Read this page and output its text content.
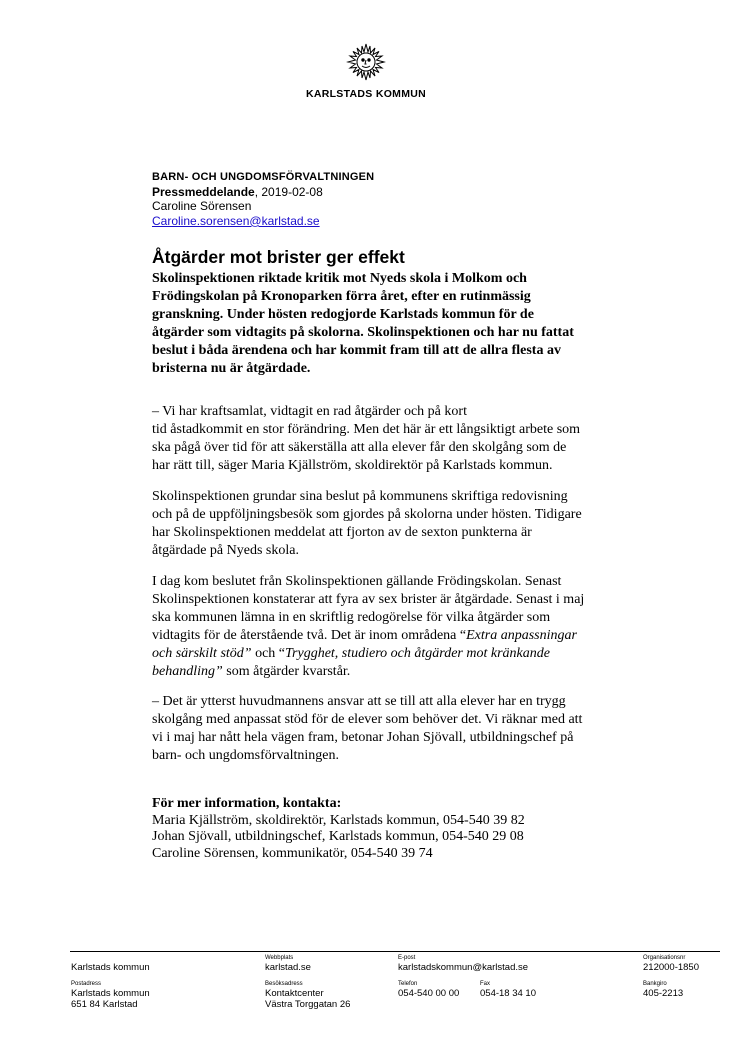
KARLSTADS KOMMUN
BARN- OCH UNGDOMSFÖRVALTNINGEN
Pressmeddelande, 2019-02-08
Caroline Sörensen
Caroline.sorensen@karlstad.se
Åtgärder mot brister ger effekt

Skolinspektionen riktade kritik mot Nyeds skola i Molkom och
Frödingskolan på Kronoparken förra året, efter en rutinmässig
granskning. Under hösten redogjorde Karlstads kommun för de
åtgärder som vidtagits på skolorna. Skolinspektionen och har nu fattat
beslut i båda ärendena och har kommit fram till att de allra flesta av
bristerna nu är åtgärdade.

– Vi har kraftsamlat, vidtagit en rad åtgärder och på kort
tid åstadkommit en stor förändring. Men det här är ett långsiktigt arbete som
ska pågå över tid för att säkerställa att alla elever får den skolgång som de
har rätt till, säger Maria Kjällström, skoldirektör på Karlstads kommun.

Skolinspektionen grundar sina beslut på kommunens skriftiga redovisning
och på de uppföljningsbesök som gjordes på skolorna under hösten. Tidigare
har Skolinspektionen meddelat att fjorton av de sexton punkterna är
åtgärdade på Nyeds skola.

I dag kom beslutet från Skolinspektionen gällande Frödingskolan. Senast
Skolinspektionen konstaterar att fyra av sex brister är åtgärdade. Senast i maj
ska kommunen lämna in en skriftlig redogörelse för vilka åtgärder som
vidtagits för de återstående två. Det är inom områdena “Extra anpassningar
och särskilt stöd” och “Trygghet, studiero och åtgärder mot kränkande
behandling” som åtgärder kvarstår.

– Det är ytterst huvudmannens ansvar att se till att alla elever har en trygg
skolgång med anpassat stöd för de elever som behöver det. Vi räknar med att
vi i maj har nått hela vägen fram, betonar Johan Sjövall, utbildningschef på
barn- och ungdomsförvaltningen.

För mer information, kontakta:
Maria Kjällström, skoldirektör, Karlstads kommun, 054-540 39 82
Johan Sjövall, utbildningschef, Karlstads kommun, 054-540 29 08
Caroline Sörensen, kommunikatör, 054-540 39 74
Karlstads kommun
Webbplats
karlstad.se
E-post
karlstadskommun@karlstad.se
Organisationsnr
212000-1850
Postadress
Karlstads kommun
651 84 Karlstad
Besöksadress
Kontaktcenter
Västra Torggatan 26
Telefon
054-540 00 00
Fax
054-18 34 10
Bankgiro
405-2213
